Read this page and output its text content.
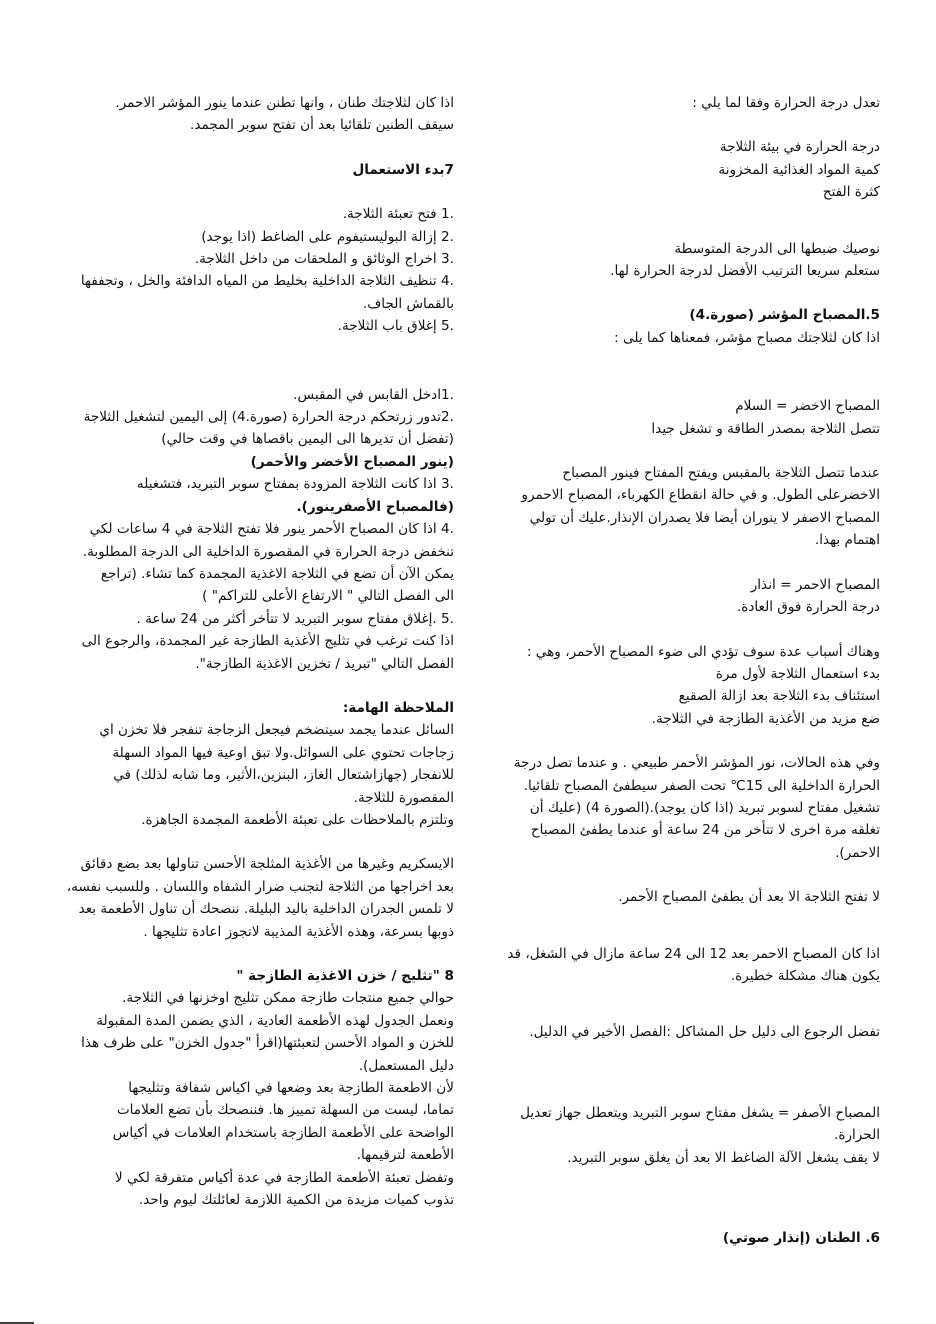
تعدل درجة الحرارة وفقا لما يلي :

درجة الحرارة في بيئة الثلاجة

كمية المواد الغذائية المخزونة

كثرة الفتح

نوصيك ضبطها الى الدرجة المتوسطة

ستعلم سريعا الترتيب الأفضل لدرجة الحرارة لها.

5.المصباح المؤشر (صورة.4)

اذا كان لثلاجتك مصباح مؤشر، فمعناها كما يلى :

المصباح الاخضر = السلام

تتصل الثلاجة بمصدر الطاقة و تشغل جيدا

عندما تتصل الثلاجة بالمقبس ويفتح المفتاح فينور المصباح

الاخضرعلى الطول. و في حالة انقطاع الكهرباء، المصباح الاحمرو

المصباح الاصفر لا ينوران أيضا فلا يصدران الإنذار.عليك أن تولي

اهتمام بهذا.

المصباح الاحمر = انذار

درجة الحرارة فوق العادة.

وهناك أسباب عدة سوف تؤدي الى ضوء المصباح الأحمر، وهي :

بدء استعمال الثلاجة لأول مرة

استئناف بدء الثلاجة بعد ازالة الصقيع

ضع مزيد من الأغذية الطازجة في الثلاجة.

وفي هذه الحالات، نور المؤشر الأحمر طبيعي . و عندما تصل درجة

الحرارة الداخلية الى 15℃ تحت الصفر سيطفئ المصباح تلقائيا.

تشغيل مفتاح لسوبر تبريد (اذا كان يوجد).(الصورة 4) (عليك أن

تغلقه مرة اخرى لا تتأخر من 24 ساعة أو عندما يطفئ المصباح

الاحمر).

لا تفتح الثلاجة الا بعد أن يطفئ المصباح الأحمر.

اذا كان المصباح الاحمر بعد 12 الى 24 ساعة مازال في الشغل، قد

يكون هناك مشكلة خطيرة.

تفضل الرجوع الى دليل حل المشاكل :الفصل الأخير في الدليل.

المصباح الأصفر = يشغل مفتاح سوبر التبريد ويتعطل جهاز تعديل

الحرارة.

لا يقف يشغل الآلة الضاغط الا بعد أن يغلق سوبر التبريد.

6. الطنان (إنذار صوتي)

اذا كان لثلاجتك طنان ، وانها تطنن عندما ينور المؤشر الاحمر.

سيقف الطنين تلقائيا بعد أن تفتح سوبر المجمد.

7بدء الاستعمال

.1 فتح تعبئة الثلاجة.

.2 إزالة البوليستيفوم على الضاغط (اذا يوجد)

.3 اخراج الوثائق و الملحقات من داخل الثلاجة.

.4 تنظيف الثلاجة الداخلية بخليط من المياه الدافئة والخل ، وتجففها

بالقماش الجاف.

.5 إغلاق باب الثلاجة.

.1ادخل القابس في المقبس.

.2تدور زرتحكم درجة الحرارة (صورة.4) إلى اليمين لتشغيل الثلاجة

(تفضل أن تديرها الى اليمين باقصاها في وقت حالي)

(ينور المصباح الأخضر والأحمر)

.3 اذا كانت الثلاجة المزودة بمفتاح سوبر التبريد، فتشغيله

(فالمصباح الأصفرينور).

.4 اذا كان المصباح الأحمر ينور فلا تفتح الثلاجة في 4 ساعات لكي

تنخفض درجة الحرارة في المقصورة الداخلية الى الدرجة المطلوبة.

يمكن الآن أن تضع في الثلاجة الاغذية المجمدة كما تشاء. (تراجع

الى الفصل التالي " الارتفاع الأعلى للتراكم" )

.5 .إغلاق مفتاح سوبر التبريد لا تتأخر أكثر من 24 ساعة .

اذا كنت ترغب في تثليج الأغذية الطازجة غير المجمدة، والرجوع الى

الفصل التالي "تبريد / تخزين الاغذية الطازجة".

الملاحظة الهامة:

السائل عندما يجمد سيتضخم فيجعل الزجاجة تنفجر فلا تخزن اي

زجاجات تحتوي على السوائل.ولا تبق اوعية فيها المواد السهلة

للانفجار (جهازاشتعال الغاز، البنزين،الأثير، وما شابه لذلك) في

المقصورة للثلاجة.

وتلتزم بالملاحظات على تعبئة الأطعمة المجمدة الجاهزة.

الايسكريم وغيرها من الأغذية المثلجة الأحسن تناولها بعد بضع دقائق

بعد اخراجها من الثلاجة لتجنب ضرار الشفاه واللسان . وللسبب نفسه،

لا تلمس الجدران الداخلية باليد البليلة. ننصحك أن تناول الأطعمة بعد

ذوبها بسرعة، وهذه الأغذية المذيبة لاتجوز اعادة تثليجها .

8 "تثليج / خزن الاغذية الطازجة "

حوالي جميع منتجات طازجة ممكن تثليج اوخزنها في الثلاجة.

ونعمل الجدول لهذه الأطعمة العادية ، الذي يضمن المدة المقبولة

للخزن و المواد الأحسن لتعبئتها(اقرأ "جدول الخزن" على ظرف هذا

دليل المستعمل).

لأن الاطعمة الطازجة بعد وضعها في اكياس شفافة وتثليجها

تماما، ليست من السهلة تمييز ها. فننصحك بأن تضع العلامات

الواضحة على الأطعمة الطازجة باستخدام العلامات في أكياس

الأطعمة لترقيمها.

وتفضل تعبئة الأطعمة الطازجة في عدة أكياس متفرقة لكي لا

تذوب كميات مزيدة من الكمية اللازمة لعائلتك ليوم واحد.
